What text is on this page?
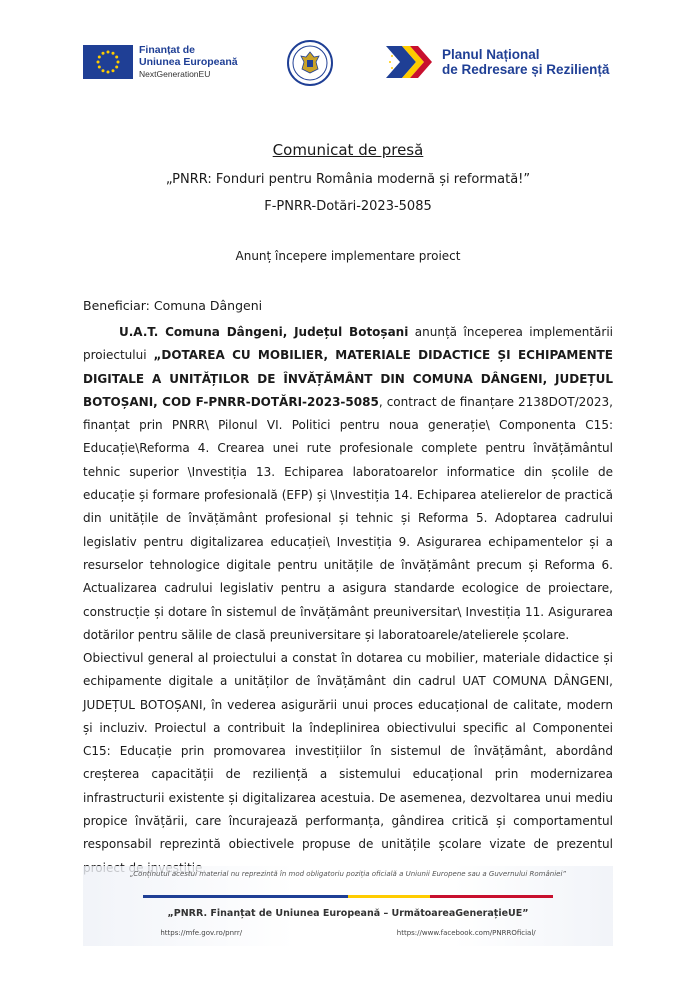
Finanțat de
Uniunea Europeană
NextGenerationEU
Planul Național
de Redresare și Reziliență
Comunicat de presă
„PNRR: Fonduri pentru România modernă și reformată!”
F-PNRR-Dotări-2023-5085
Anunț începere implementare proiect
Beneficiar: Comuna Dângeni
U.A.T. Comuna Dângeni, Județul Botoșani anunță începerea implementării proiectului „DOTAREA CU MOBILIER, MATERIALE DIDACTICE ȘI ECHIPAMENTE DIGITALE A UNITĂȚILOR DE ÎNVĂȚĂMÂNT DIN COMUNA DÂNGENI, JUDEȚUL BOTOȘANI, COD F-PNRR-DOTĂRI-2023-5085, contract de finanțare 2138DOT/2023, finanțat prin PNRR\ Pilonul VI. Politici pentru noua generație\ Componenta C15: Educație\Reforma 4. Crearea unei rute profesionale complete pentru învățământul tehnic superior \Investiția 13. Echiparea laboratoarelor informatice din școlile de educație și formare profesională (EFP) și \Investiția 14. Echiparea atelierelor de practică din unitățile de învățământ profesional și tehnic și Reforma 5. Adoptarea cadrului legislativ pentru digitalizarea educației\ Investiția 9. Asigurarea echipamentelor și a resurselor tehnologice digitale pentru unitățile de învățământ precum și Reforma 6. Actualizarea cadrului legislativ pentru a asigura standarde ecologice de proiectare, construcție și dotare în sistemul de învățământ preuniversitar\ Investiția 11. Asigurarea dotărilor pentru sălile de clasă preuniversitare și laboratoarele/atelierele școlare.
Obiectivul general al proiectului a constat în dotarea cu mobilier, materiale didactice și echipamente digitale a unităților de învățământ din cadrul UAT COMUNA DÂNGENI, JUDEȚUL BOTOȘANI, în vederea asigurării unui proces educațional de calitate, modern și incluziv. Proiectul a contribuit la îndeplinirea obiectivului specific al Componentei C15: Educație prin promovarea investițiilor în sistemul de învățământ, abordând creșterea capacității de reziliență a sistemului educațional prin modernizarea infrastructurii existente și digitalizarea acestuia. De asemenea, dezvoltarea unui mediu propice învățării, care încurajează performanța, gândirea critică și comportamentul responsabil reprezintă obiectivele propuse de unitățile școlare vizate de prezentul
„Conținutul acestui material nu reprezintă în mod obligatoriu poziția oficială a Uniunii Europene sau a Guvernului României”
„PNRR. Finanțat de Uniunea Europeană – UrmătoareaGenerațieUE”
https://mfe.gov.ro/pnrr/	https://www.facebook.com/PNRROficial/
